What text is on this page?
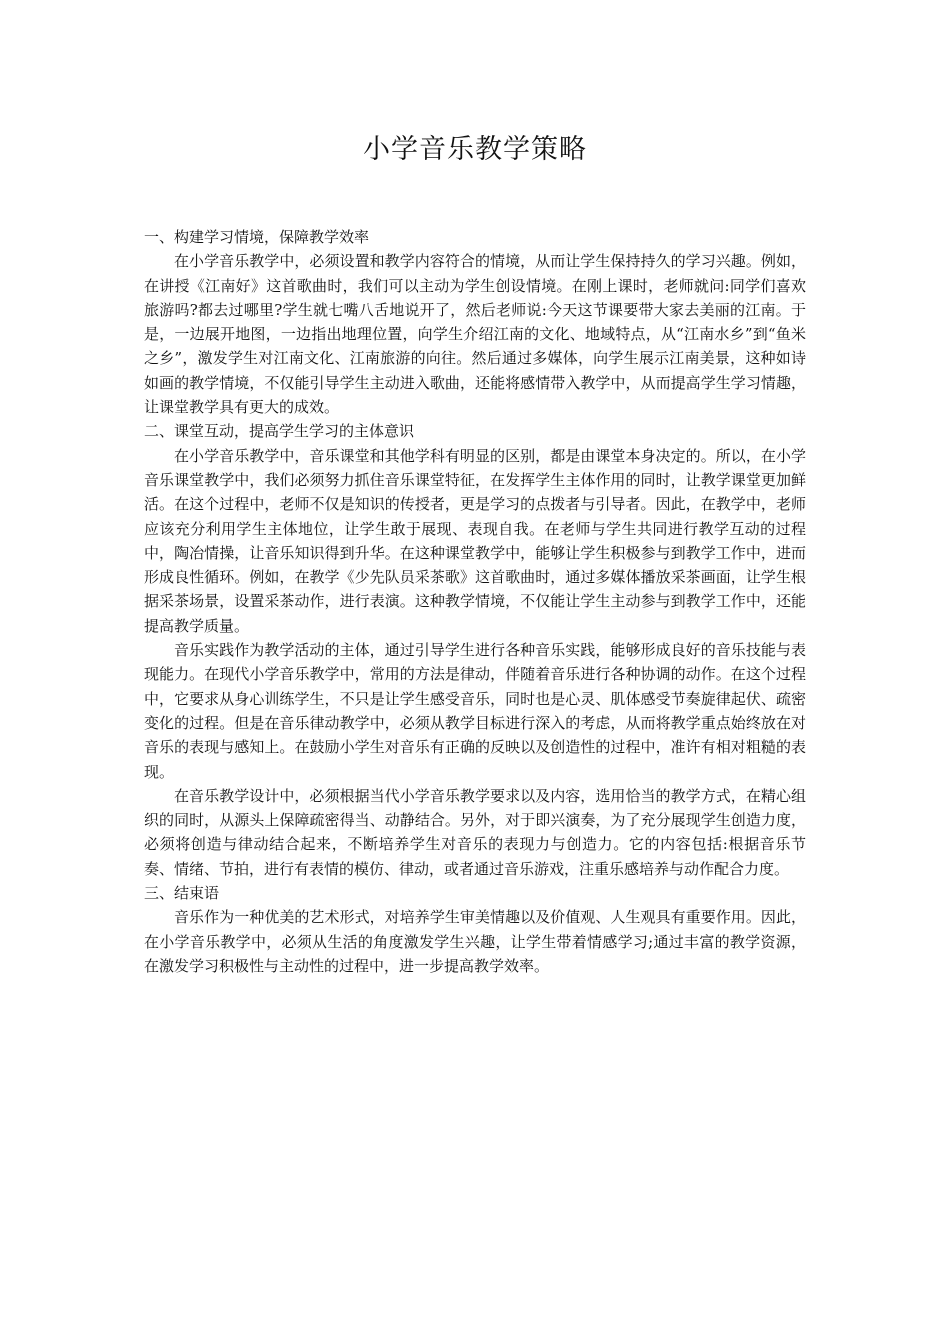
小学音乐教学策略

一、构建学习情境，保障教学效率

在小学音乐教学中，必须设置和教学内容符合的情境，从而让学生保持持久的学习兴趣。例如，在讲授《江南好》这首歌曲时，我们可以主动为学生创设情境。在刚上课时，老师就问:同学们喜欢旅游吗?都去过哪里?学生就七嘴八舌地说开了，然后老师说:今天这节课要带大家去美丽的江南。于是，一边展开地图，一边指出地理位置，向学生介绍江南的文化、地域特点，从“江南水乡”到“鱼米之乡”，激发学生对江南文化、江南旅游的向往。然后通过多媒体，向学生展示江南美景，这种如诗如画的教学情境，不仅能引导学生主动进入歌曲，还能将感情带入教学中，从而提高学生学习情趣，让课堂教学具有更大的成效。

二、课堂互动，提高学生学习的主体意识

在小学音乐教学中，音乐课堂和其他学科有明显的区别，都是由课堂本身决定的。所以，在小学音乐课堂教学中，我们必须努力抓住音乐课堂特征，在发挥学生主体作用的同时，让教学课堂更加鲜活。在这个过程中，老师不仅是知识的传授者，更是学习的点拨者与引导者。因此，在教学中，老师应该充分利用学生主体地位，让学生敢于展现、表现自我。在老师与学生共同进行教学互动的过程中，陶冶情操，让音乐知识得到升华。在这种课堂教学中，能够让学生积极参与到教学工作中，进而形成良性循环。例如，在教学《少先队员采茶歌》这首歌曲时，通过多媒体播放采茶画面，让学生根据采茶场景，设置采茶动作，进行表演。这种教学情境，不仅能让学生主动参与到教学工作中，还能提高教学质量。

音乐实践作为教学活动的主体，通过引导学生进行各种音乐实践，能够形成良好的音乐技能与表现能力。在现代小学音乐教学中，常用的方法是律动，伴随着音乐进行各种协调的动作。在这个过程中，它要求从身心训练学生，不只是让学生感受音乐，同时也是心灵、肌体感受节奏旋律起伏、疏密变化的过程。但是在音乐律动教学中，必须从教学目标进行深入的考虑，从而将教学重点始终放在对音乐的表现与感知上。在鼓励小学生对音乐有正确的反映以及创造性的过程中，准许有相对粗糙的表现。

在音乐教学设计中，必须根据当代小学音乐教学要求以及内容，选用恰当的教学方式，在精心组织的同时，从源头上保障疏密得当、动静结合。另外，对于即兴演奏，为了充分展现学生创造力度，必须将创造与律动结合起来，不断培养学生对音乐的表现力与创造力。它的内容包括:根据音乐节奏、情绪、节拍，进行有表情的模仿、律动，或者通过音乐游戏，注重乐感培养与动作配合力度。

三、结束语

音乐作为一种优美的艺术形式，对培养学生审美情趣以及价值观、人生观具有重要作用。因此，在小学音乐教学中，必须从生活的角度激发学生兴趣，让学生带着情感学习;通过丰富的教学资源，在激发学习积极性与主动性的过程中，进一步提高教学效率。
